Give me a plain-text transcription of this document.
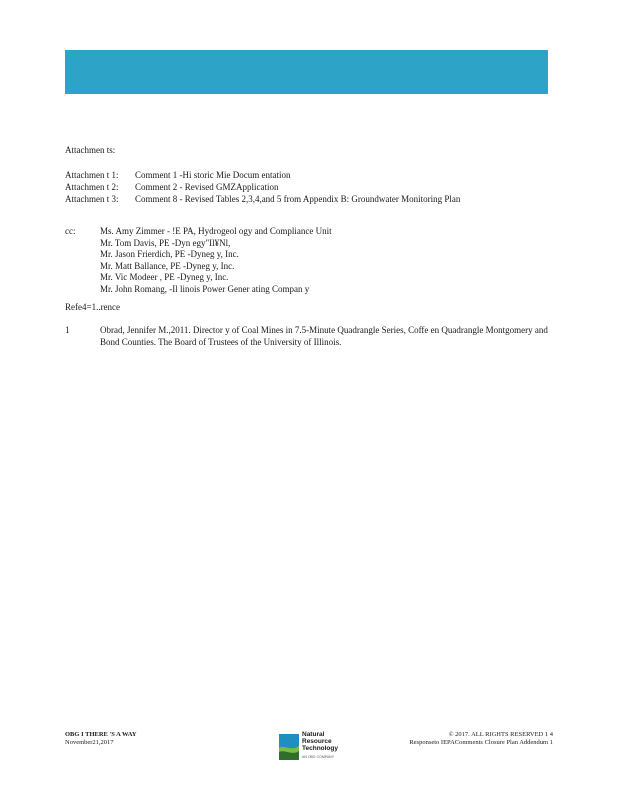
Attachmen ts:
Attachmen t 1: Comment 1 -Hi storic Mie Docum entation
Attachmen t 2: Comment 2 - Revised GMZApplication
Attachmen t 3: Comment 8 - Revised Tables 2,3,4,and 5 from Appendix B: Groundwater Monitoring Plan
cc:	Ms. Amy Zimmer - !E PA, Hydrogeol ogy and Compliance Unit
Mr. Tom Davis, PE -Dyn egy"Il¥Nl,
Mr. Jason Frierdich, PE -Dyneg y, Inc.
Mr. Matt Ballance, PE -Dyneg y, Inc.
Mr. Vic Modeer , PE -Dyneg y, Inc.
Mr. John Romang, -Il linois Power Gener ating Compan y
Refe4=1..rence
1	Obrad, Jennifer M.,2011. Director y of Coal Mines in 7.5-Minute Quadrangle Series, Coffe en Quadrangle Montgomery and Bond Counties. The Board of Trustees of the University of Illinois.
OBG I THERE 'S A WAY
November21,2017
Natural
Resource
Technology
AN OBG COMPANY
© 2017. ALL RIGHTS RESERVED 1 4
Responseto IEPAComments Closure Plan Addendum 1
